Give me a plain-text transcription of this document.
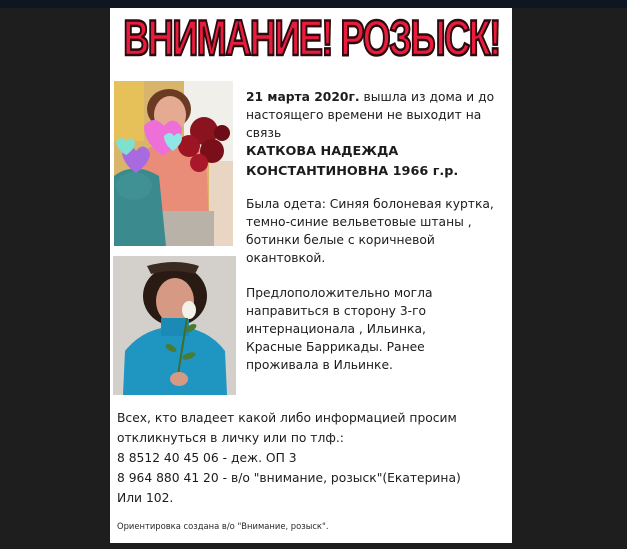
ВНИМАНИЕ! РОЗЫСК!
21 марта 2020г. вышла из дома и до
настоящего времени не выходит на
связь
КАТКОВА НАДЕЖДА
КОНСТАНТИНОВНА 1966 г.р.
Была одета: Синяя болоневая куртка,
темно-синие вельветовые штаны ,
ботинки белые с коричневой
окантовкой.
Предлоположительно могла
направиться в сторону 3-го
интернационала , Ильинка,
Красные Баррикады. Ранее
проживала в Ильинке.
Всех, кто владеет какой либо информацией просим
откликнуться в личку или по тлф.:
8 8512 40 45 06 - деж. ОП 3
8 964 880 41 20 - в/о "внимание, розыск"(Екатерина)
Или 102.
Ориентировка создана в/о "Внимание, розыск".
